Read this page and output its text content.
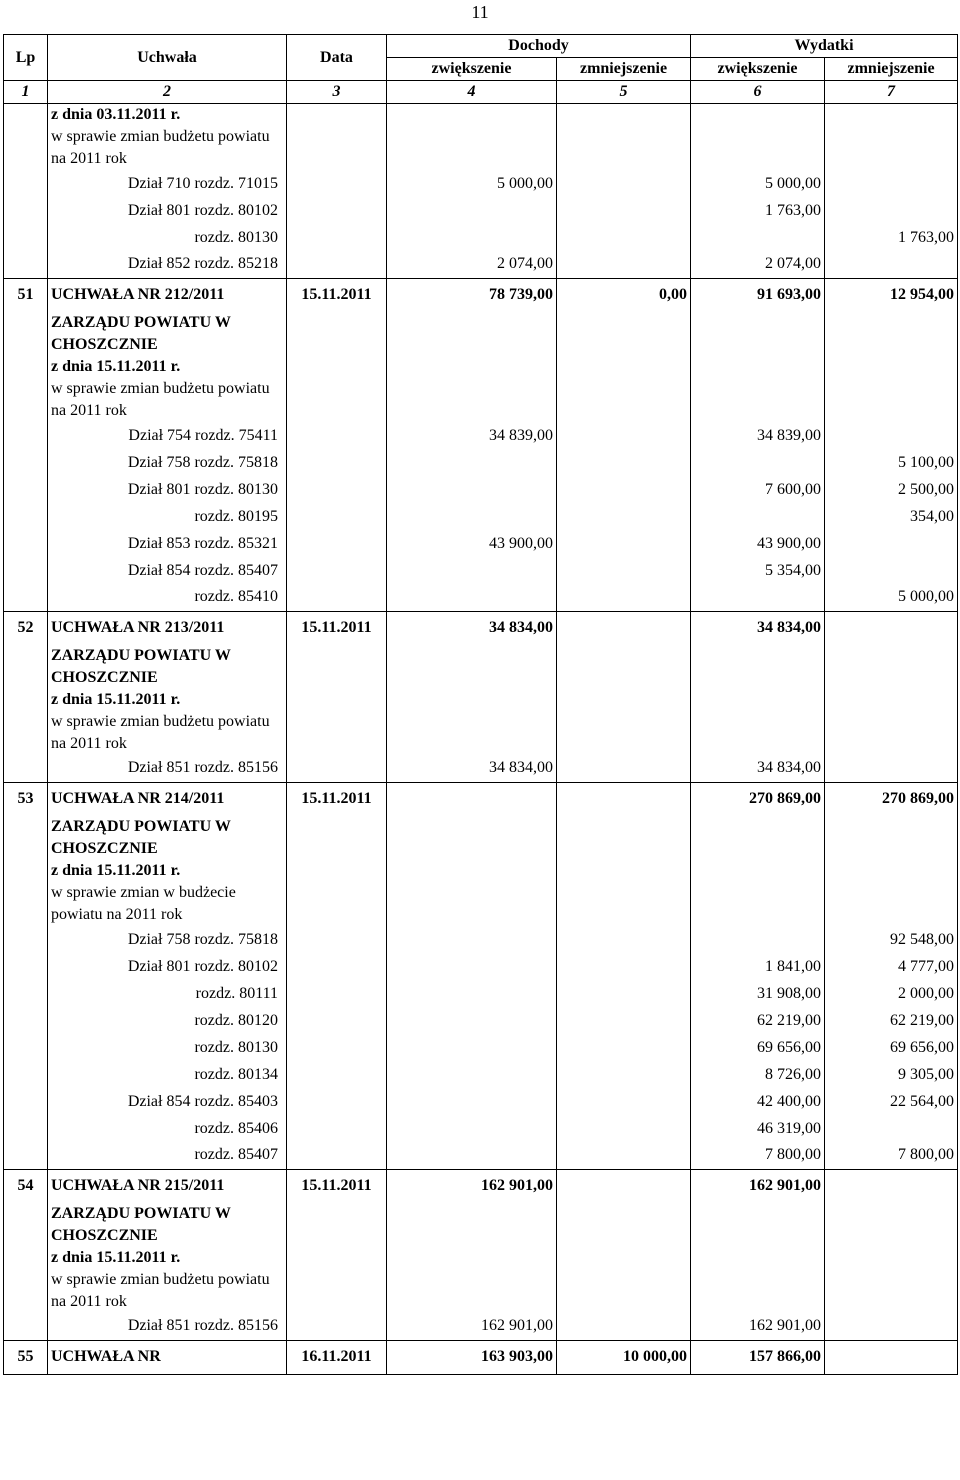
11
Lp	Uchwała	Data	Dochody		Wydatki	
			zwiększenie	zmniejszenie	zwiększenie	zmniejszenie
1	2	3	4	5	6	7
	z dnia 03.11.2011 r.					
	w sprawie zmian budżetu powiatu na 2011 rok					
	Dział 710 rozdz. 71015		5 000,00		5 000,00	
	Dział 801 rozdz. 80102				1 763,00	
	rozdz. 80130					1 763,00
	Dział 852 rozdz. 85218		2 074,00		2 074,00	
51	UCHWAŁA NR 212/2011	15.11.2011	78 739,00	0,00	91 693,00	12 954,00
	ZARZĄDU POWIATU W CHOSZCZNIE					
	z dnia 15.11.2011 r.					
	w sprawie zmian budżetu powiatu na 2011 rok					
	Dział 754 rozdz. 75411		34 839,00		34 839,00	
	Dział 758 rozdz. 75818					5 100,00
	Dział 801 rozdz. 80130				7 600,00	2 500,00
	rozdz. 80195					354,00
	Dział 853 rozdz. 85321		43 900,00		43 900,00	
	Dział 854 rozdz. 85407				5 354,00	
	rozdz. 85410					5 000,00
52	UCHWAŁA NR 213/2011	15.11.2011	34 834,00		34 834,00	
	ZARZĄDU POWIATU W CHOSZCZNIE					
	z dnia 15.11.2011 r.					
	w sprawie zmian budżetu powiatu na 2011 rok					
	Dział 851 rozdz. 85156		34 834,00		34 834,00	
53	UCHWAŁA NR 214/2011	15.11.2011			270 869,00	270 869,00
	ZARZĄDU POWIATU W CHOSZCZNIE					
	z dnia 15.11.2011 r.					
	w sprawie zmian w budżecie powiatu na 2011 rok					
	Dział 758 rozdz. 75818					92 548,00
	Dział 801 rozdz. 80102				1 841,00	4 777,00
	rozdz. 80111				31 908,00	2 000,00
	rozdz. 80120				62 219,00	62 219,00
	rozdz. 80130				69 656,00	69 656,00
	rozdz. 80134				8 726,00	9 305,00
	Dział 854 rozdz. 85403				42 400,00	22 564,00
	rozdz. 85406				46 319,00	
	rozdz. 85407				7 800,00	7 800,00
54	UCHWAŁA NR 215/2011	15.11.2011	162 901,00		162 901,00	
	ZARZĄDU POWIATU W CHOSZCZNIE					
	z dnia 15.11.2011 r.					
	w sprawie zmian budżetu powiatu na 2011 rok					
	Dział 851 rozdz. 85156		162 901,00		162 901,00	
55	UCHWAŁA NR	16.11.2011	163 903,00	10 000,00	157 866,00	
